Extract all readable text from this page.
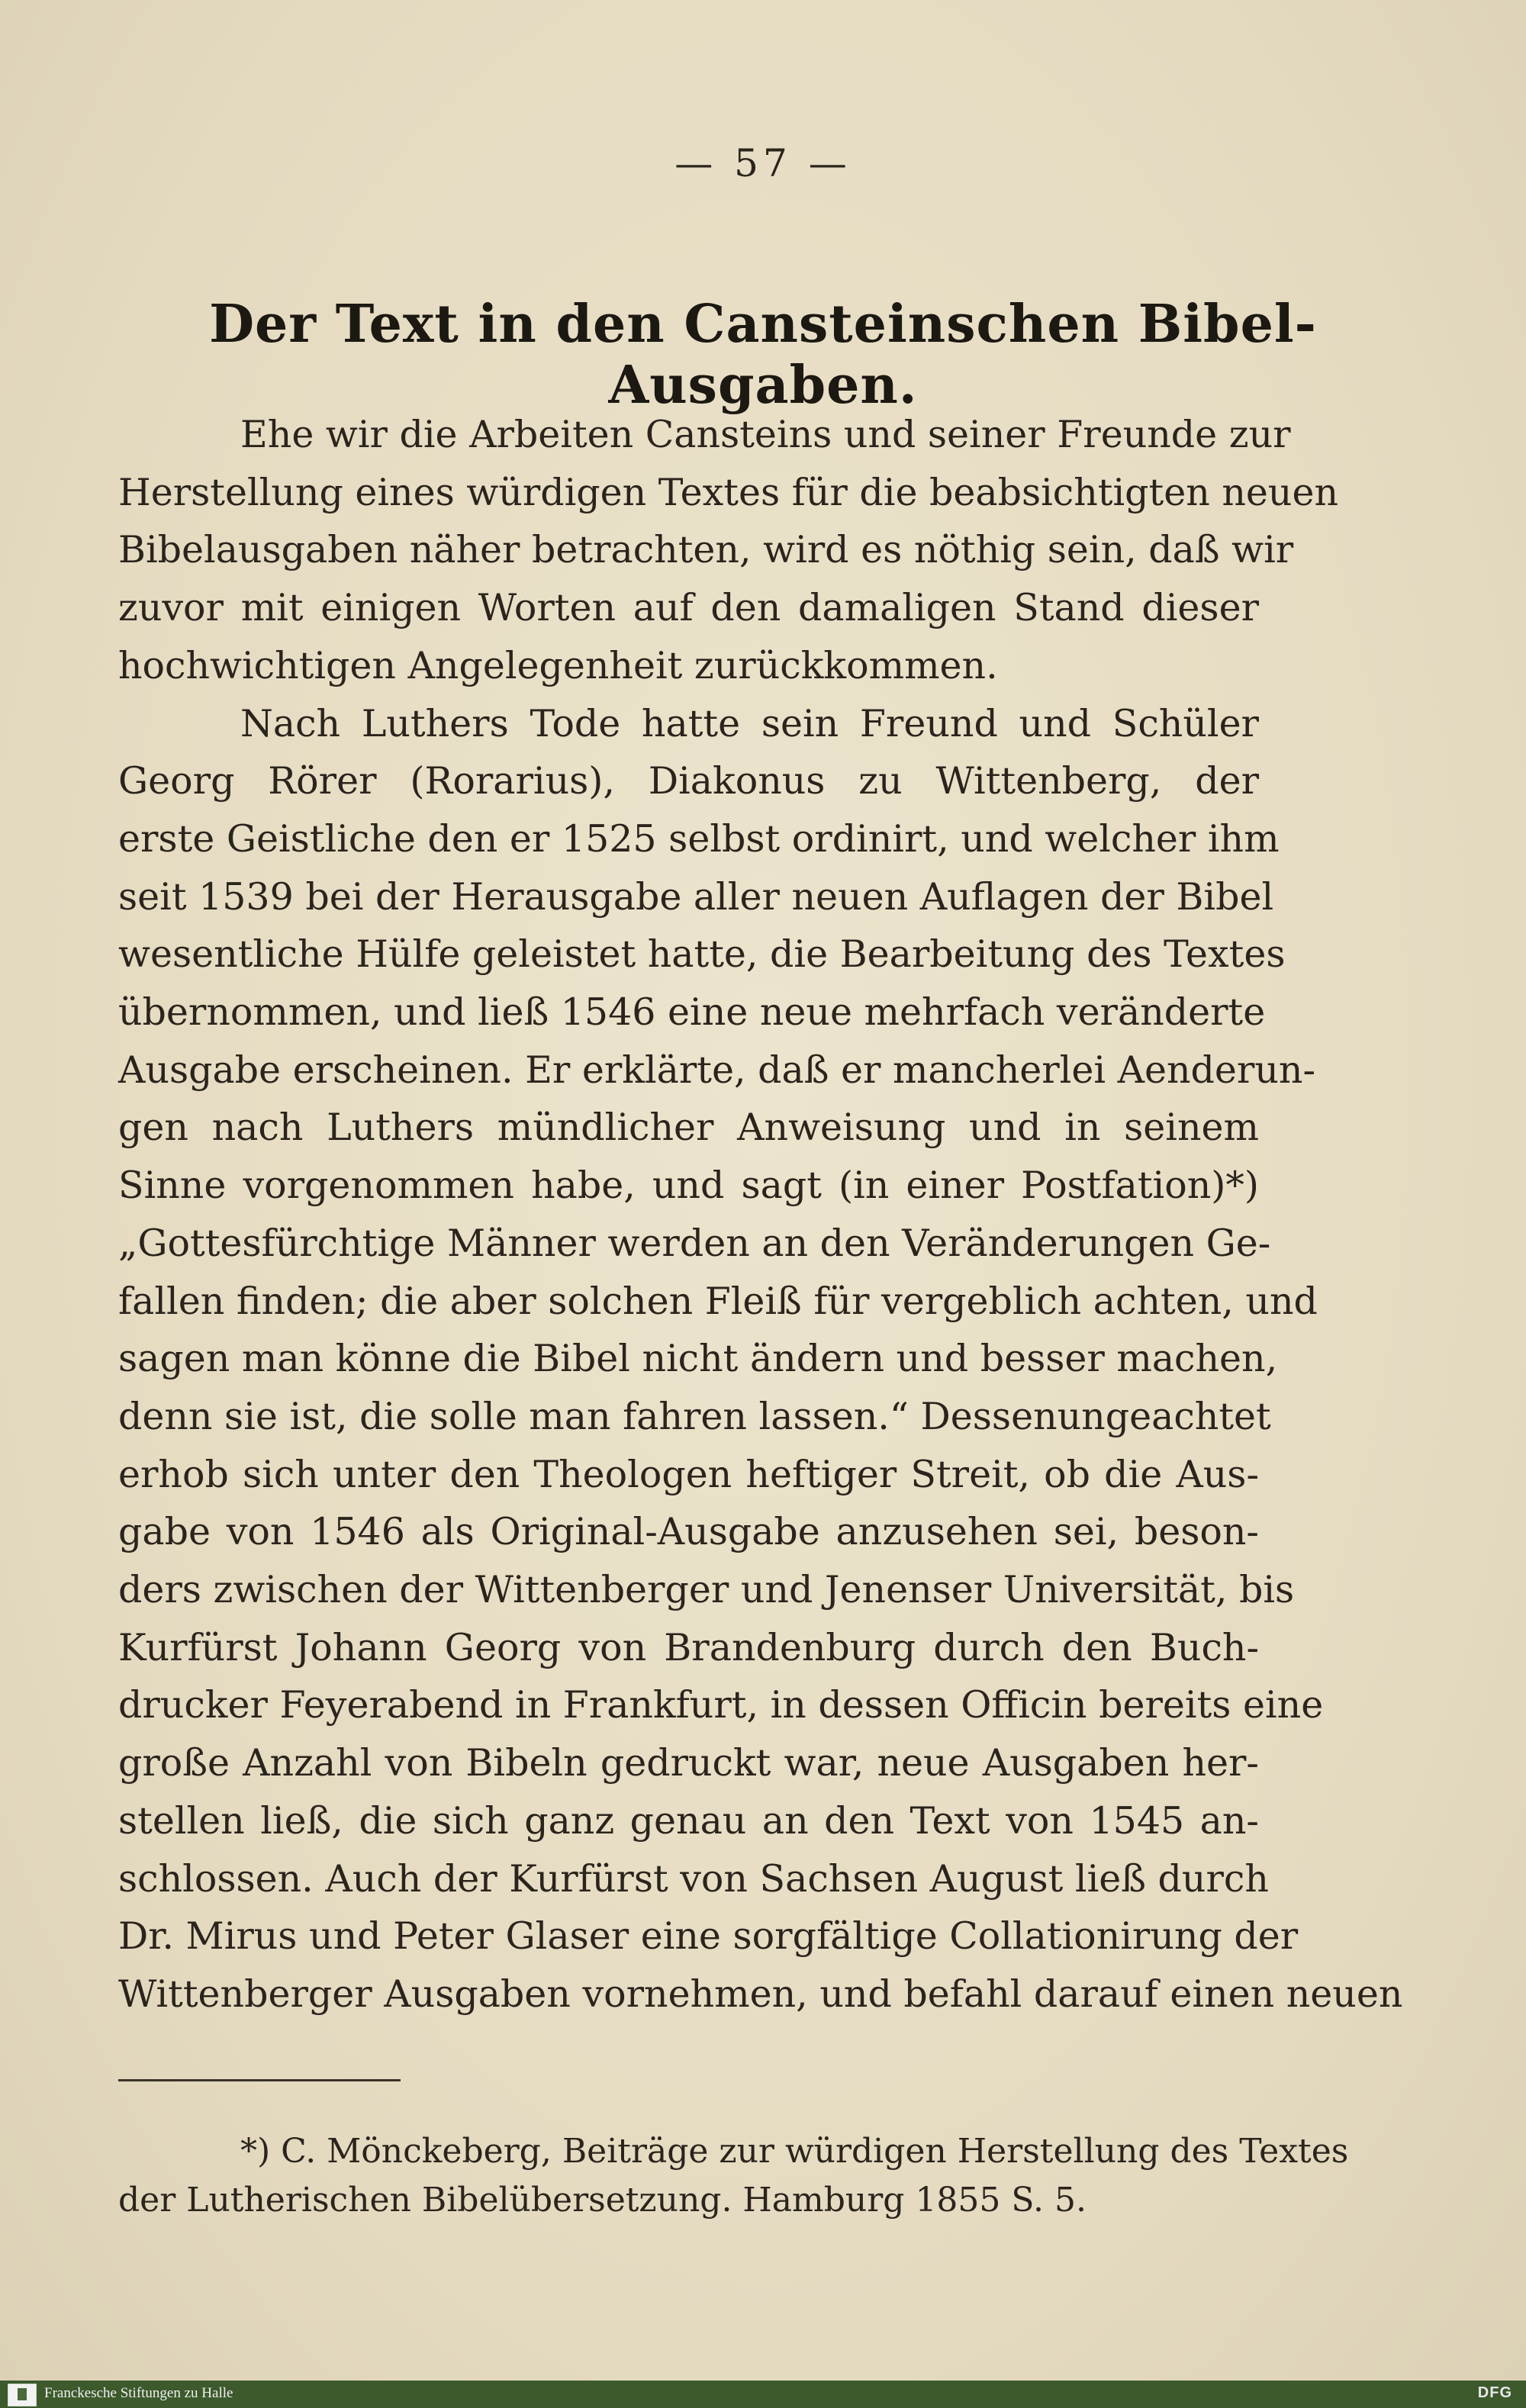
— 57 —
Der Text in den Cansteinschen Bibel-Ausgaben.
Ehe wir die Arbeiten Cansteins und seiner Freunde zur
Herstellung eines würdigen Textes für die beabsichtigten neuen
Bibelausgaben näher betrachten, wird es nöthig sein, daß wir
zuvor mit einigen Worten auf den damaligen Stand dieser
hochwichtigen Angelegenheit zurückkommen.
Nach Luthers Tode hatte sein Freund und Schüler
Georg Rörer (Rorarius), Diakonus zu Wittenberg, der
erste Geistliche den er 1525 selbst ordinirt, und welcher ihm
seit 1539 bei der Herausgabe aller neuen Auflagen der Bibel
wesentliche Hülfe geleistet hatte, die Bearbeitung des Textes
übernommen, und ließ 1546 eine neue mehrfach veränderte
Ausgabe erscheinen. Er erklärte, daß er mancherlei Aenderun-
gen nach Luthers mündlicher Anweisung und in seinem
Sinne vorgenommen habe, und sagt (in einer Postfation)*)
„Gottesfürchtige Männer werden an den Veränderungen Ge-
fallen finden; die aber solchen Fleiß für vergeblich achten, und
sagen man könne die Bibel nicht ändern und besser machen,
denn sie ist, die solle man fahren lassen.“ Dessenungeachtet
erhob sich unter den Theologen heftiger Streit, ob die Aus-
gabe von 1546 als Original-Ausgabe anzusehen sei, beson-
ders zwischen der Wittenberger und Jenenser Universität, bis
Kurfürst Johann Georg von Brandenburg durch den Buch-
drucker Feyerabend in Frankfurt, in dessen Officin bereits eine
große Anzahl von Bibeln gedruckt war, neue Ausgaben her-
stellen ließ, die sich ganz genau an den Text von 1545 an-
schlossen. Auch der Kurfürst von Sachsen August ließ durch
Dr. Mirus und Peter Glaser eine sorgfältige Collationirung der
Wittenberger Ausgaben vornehmen, und befahl darauf einen neuen
*) C. Mönckeberg, Beiträge zur würdigen Herstellung des Textes
der Lutherischen Bibelübersetzung. Hamburg 1855 S. 5.
Franckesche Stiftungen zu Halle	DFG
